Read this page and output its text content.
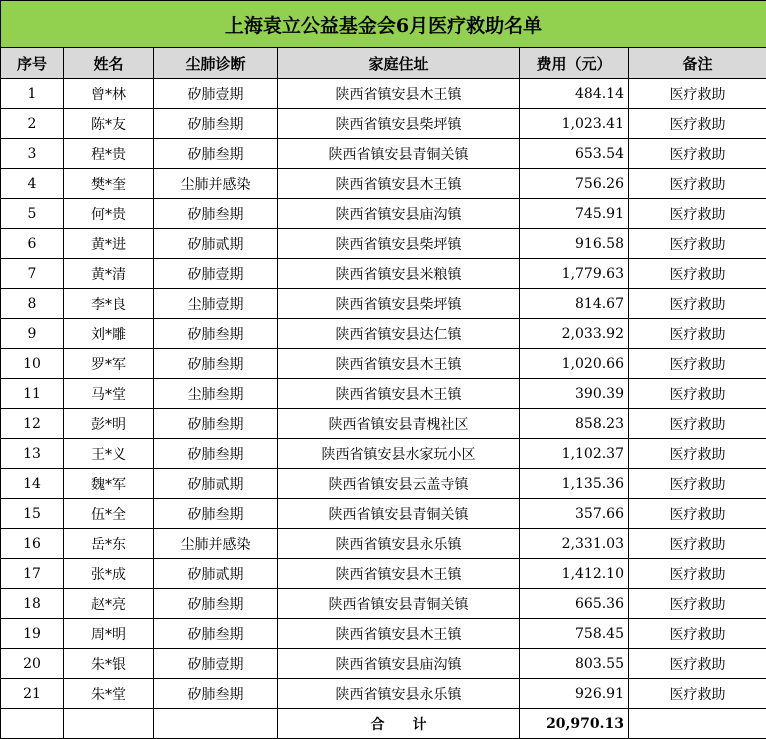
上海袁立公益基金会6月医疗救助名单					
序号	姓名	尘肺诊断	家庭住址	费用（元）	备注
1	曾*林	矽肺壹期	陕西省镇安县木王镇	484.14	医疗救助
2	陈*友	矽肺叁期	陕西省镇安县柴坪镇	1,023.41	医疗救助
3	程*贵	矽肺叁期	陕西省镇安县青铜关镇	653.54	医疗救助
4	樊*奎	尘肺并感染	陕西省镇安县木王镇	756.26	医疗救助
5	何*贵	矽肺叁期	陕西省镇安县庙沟镇	745.91	医疗救助
6	黄*进	矽肺贰期	陕西省镇安县柴坪镇	916.58	医疗救助
7	黄*清	矽肺壹期	陕西省镇安县米粮镇	1,779.63	医疗救助
8	李*良	尘肺壹期	陕西省镇安县柴坪镇	814.67	医疗救助
9	刘*雕	矽肺叁期	陕西省镇安县达仁镇	2,033.92	医疗救助
10	罗*军	矽肺叁期	陕西省镇安县木王镇	1,020.66	医疗救助
11	马*堂	尘肺叁期	陕西省镇安县木王镇	390.39	医疗救助
12	彭*明	矽肺叁期	陕西省镇安县青槐社区	858.23	医疗救助
13	王*义	矽肺叁期	陕西省镇安县水家玩小区	1,102.37	医疗救助
14	魏*军	矽肺贰期	陕西省镇安县云盖寺镇	1,135.36	医疗救助
15	伍*全	矽肺叁期	陕西省镇安县青铜关镇	357.66	医疗救助
16	岳*东	尘肺并感染	陕西省镇安县永乐镇	2,331.03	医疗救助
17	张*成	矽肺贰期	陕西省镇安县木王镇	1,412.10	医疗救助
18	赵*亮	矽肺叁期	陕西省镇安县青铜关镇	665.36	医疗救助
19	周*明	矽肺叁期	陕西省镇安县木王镇	758.45	医疗救助
20	朱*银	矽肺壹期	陕西省镇安县庙沟镇	803.55	医疗救助
21	朱*堂	矽肺叁期	陕西省镇安县永乐镇	926.91	医疗救助
			合　　计	20,970.13	
